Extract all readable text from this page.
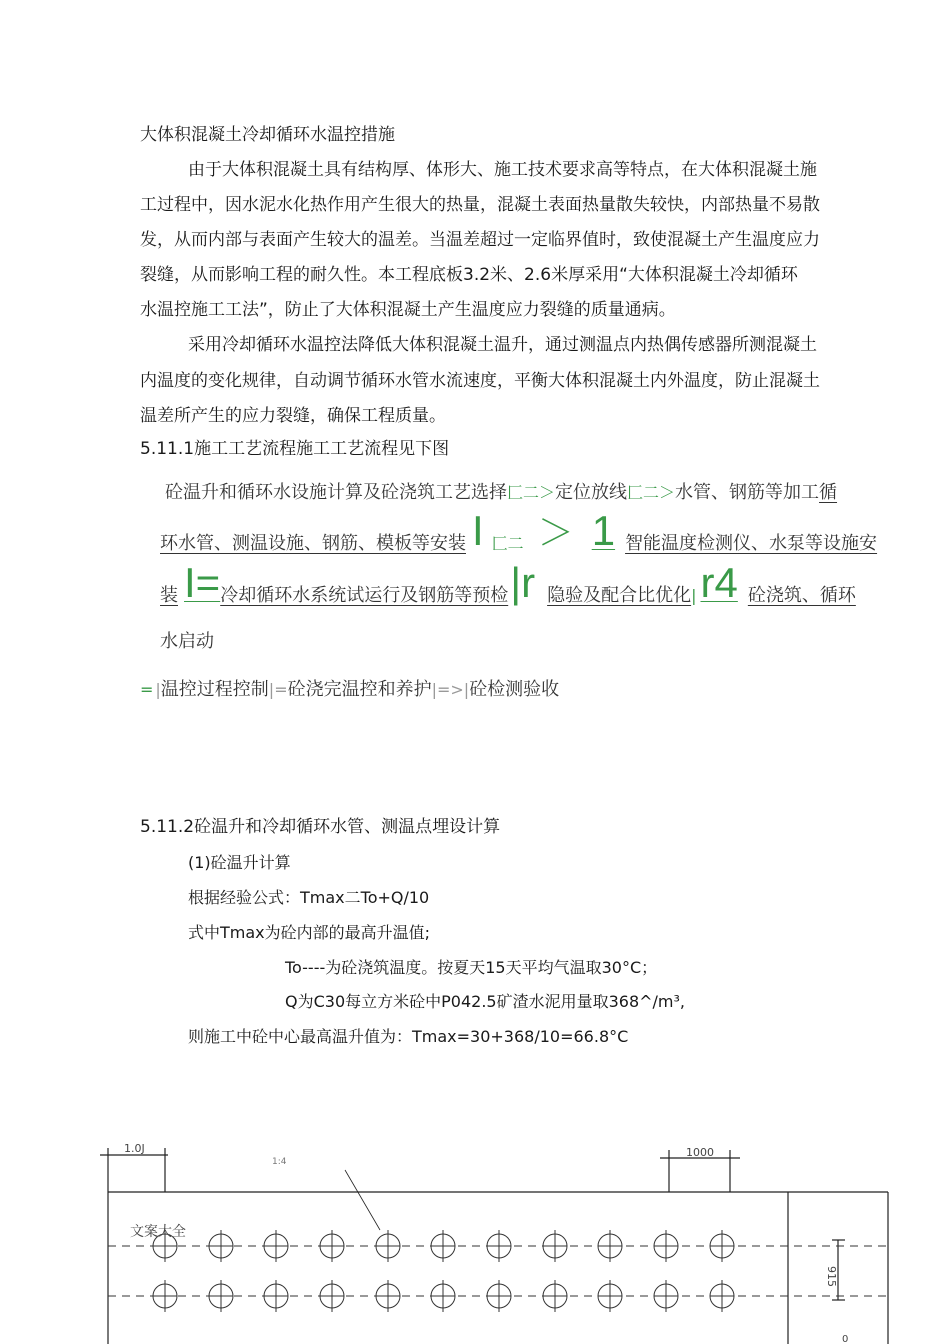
大体积混凝土冷却循环水温控措施
由于大体积混凝土具有结构厚、体形大、施工技术要求高等特点，在大体积混凝土施
工过程中，因水泥水化热作用产生很大的热量，混凝土表面热量散失较快，内部热量不易散
发，从而内部与表面产生较大的温差。当温差超过一定临界值时，致使混凝土产生温度应力
裂缝，从而影响工程的耐久性。本工程底板3.2米、2.6米厚采用“大体积混凝土冷却循环
水温控施工工法”，防止了大体积混凝土产生温度应力裂缝的质量通病。
采用冷却循环水温控法降低大体积混凝土温升，通过测温点内热偶传感器所测混凝土
内温度的变化规律，自动调节循环水管水流速度，平衡大体积混凝土内外温度，防止混凝土
温差所产生的应力裂缝，确保工程质量。
5.11.1施工工艺流程施工工艺流程见下图
砼温升和循环水设施计算及砼浇筑工艺选择匚二＞定位放线匚二＞水管、钢筋等加工循
环水管、测温设施、钢筋、模板等安装 I 匚二 ＞ 1 智能温度检测仪、水泵等设施安
装 I=冷却循环水系统试运行及钢筋等预检|r 隐验及配合比优化|r4 砼浇筑、循环
水启动
= |温控过程控制|=砼浇完温控和养护|=>|砼检测验收
5.11.2砼温升和冷却循环水管、测温点埋设计算
(1)砼温升计算
根据经验公式：Tmax二To+Q/10
式中Tmax为砼内部的最高升温值;
To----为砼浇筑温度。按夏天15天平均气温取30°C；
Q为C30每立方米砼中P042.5矿渣水泥用量取368^/m³,
则施工中砼中心最高温升值为：Tmax=30+368/10=66.8°C
1.0J	1000
文案大全
1:4
915
0
